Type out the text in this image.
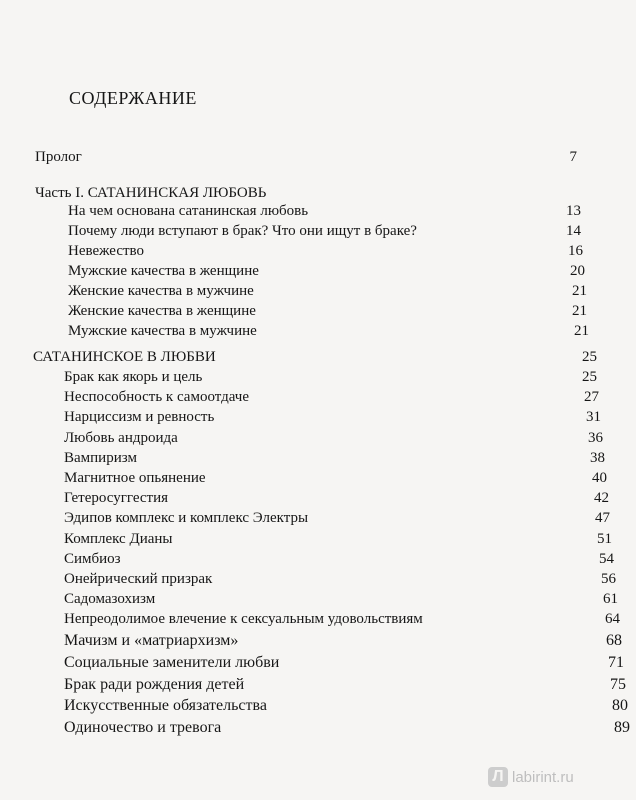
СОДЕРЖАНИЕ
Пролог	7
Часть I. САТАНИНСКАЯ ЛЮБОВЬ
На чем основана сатанинская любовь	13
Почему люди вступают в брак? Что они ищут в браке?	14
Невежество	16
Мужские качества в женщине	20
Женские качества в мужчине	21
Женские качества в женщине	21
Мужские качества в мужчине	21
САТАНИНСКОЕ В ЛЮБВИ	25
Брак как якорь и цель	25
Неспособность к самоотдаче	27
Нарциссизм и ревность	31
Любовь андроида	36
Вампиризм	38
Магнитное опьянение	40
Гетеросуггестия	42
Эдипов комплекс и комплекс Электры	47
Комплекс Дианы	51
Симбиоз	54
Онейрический призрак	56
Садомазохизм	61
Непреодолимое влечение к сексуальным удовольствиям	64
Мачизм и «матриархизм»	68
Социальные заменители любви	71
Брак ради рождения детей	75
Искусственные обязательства	80
Одиночество и тревога	89
Л labirint.ru
